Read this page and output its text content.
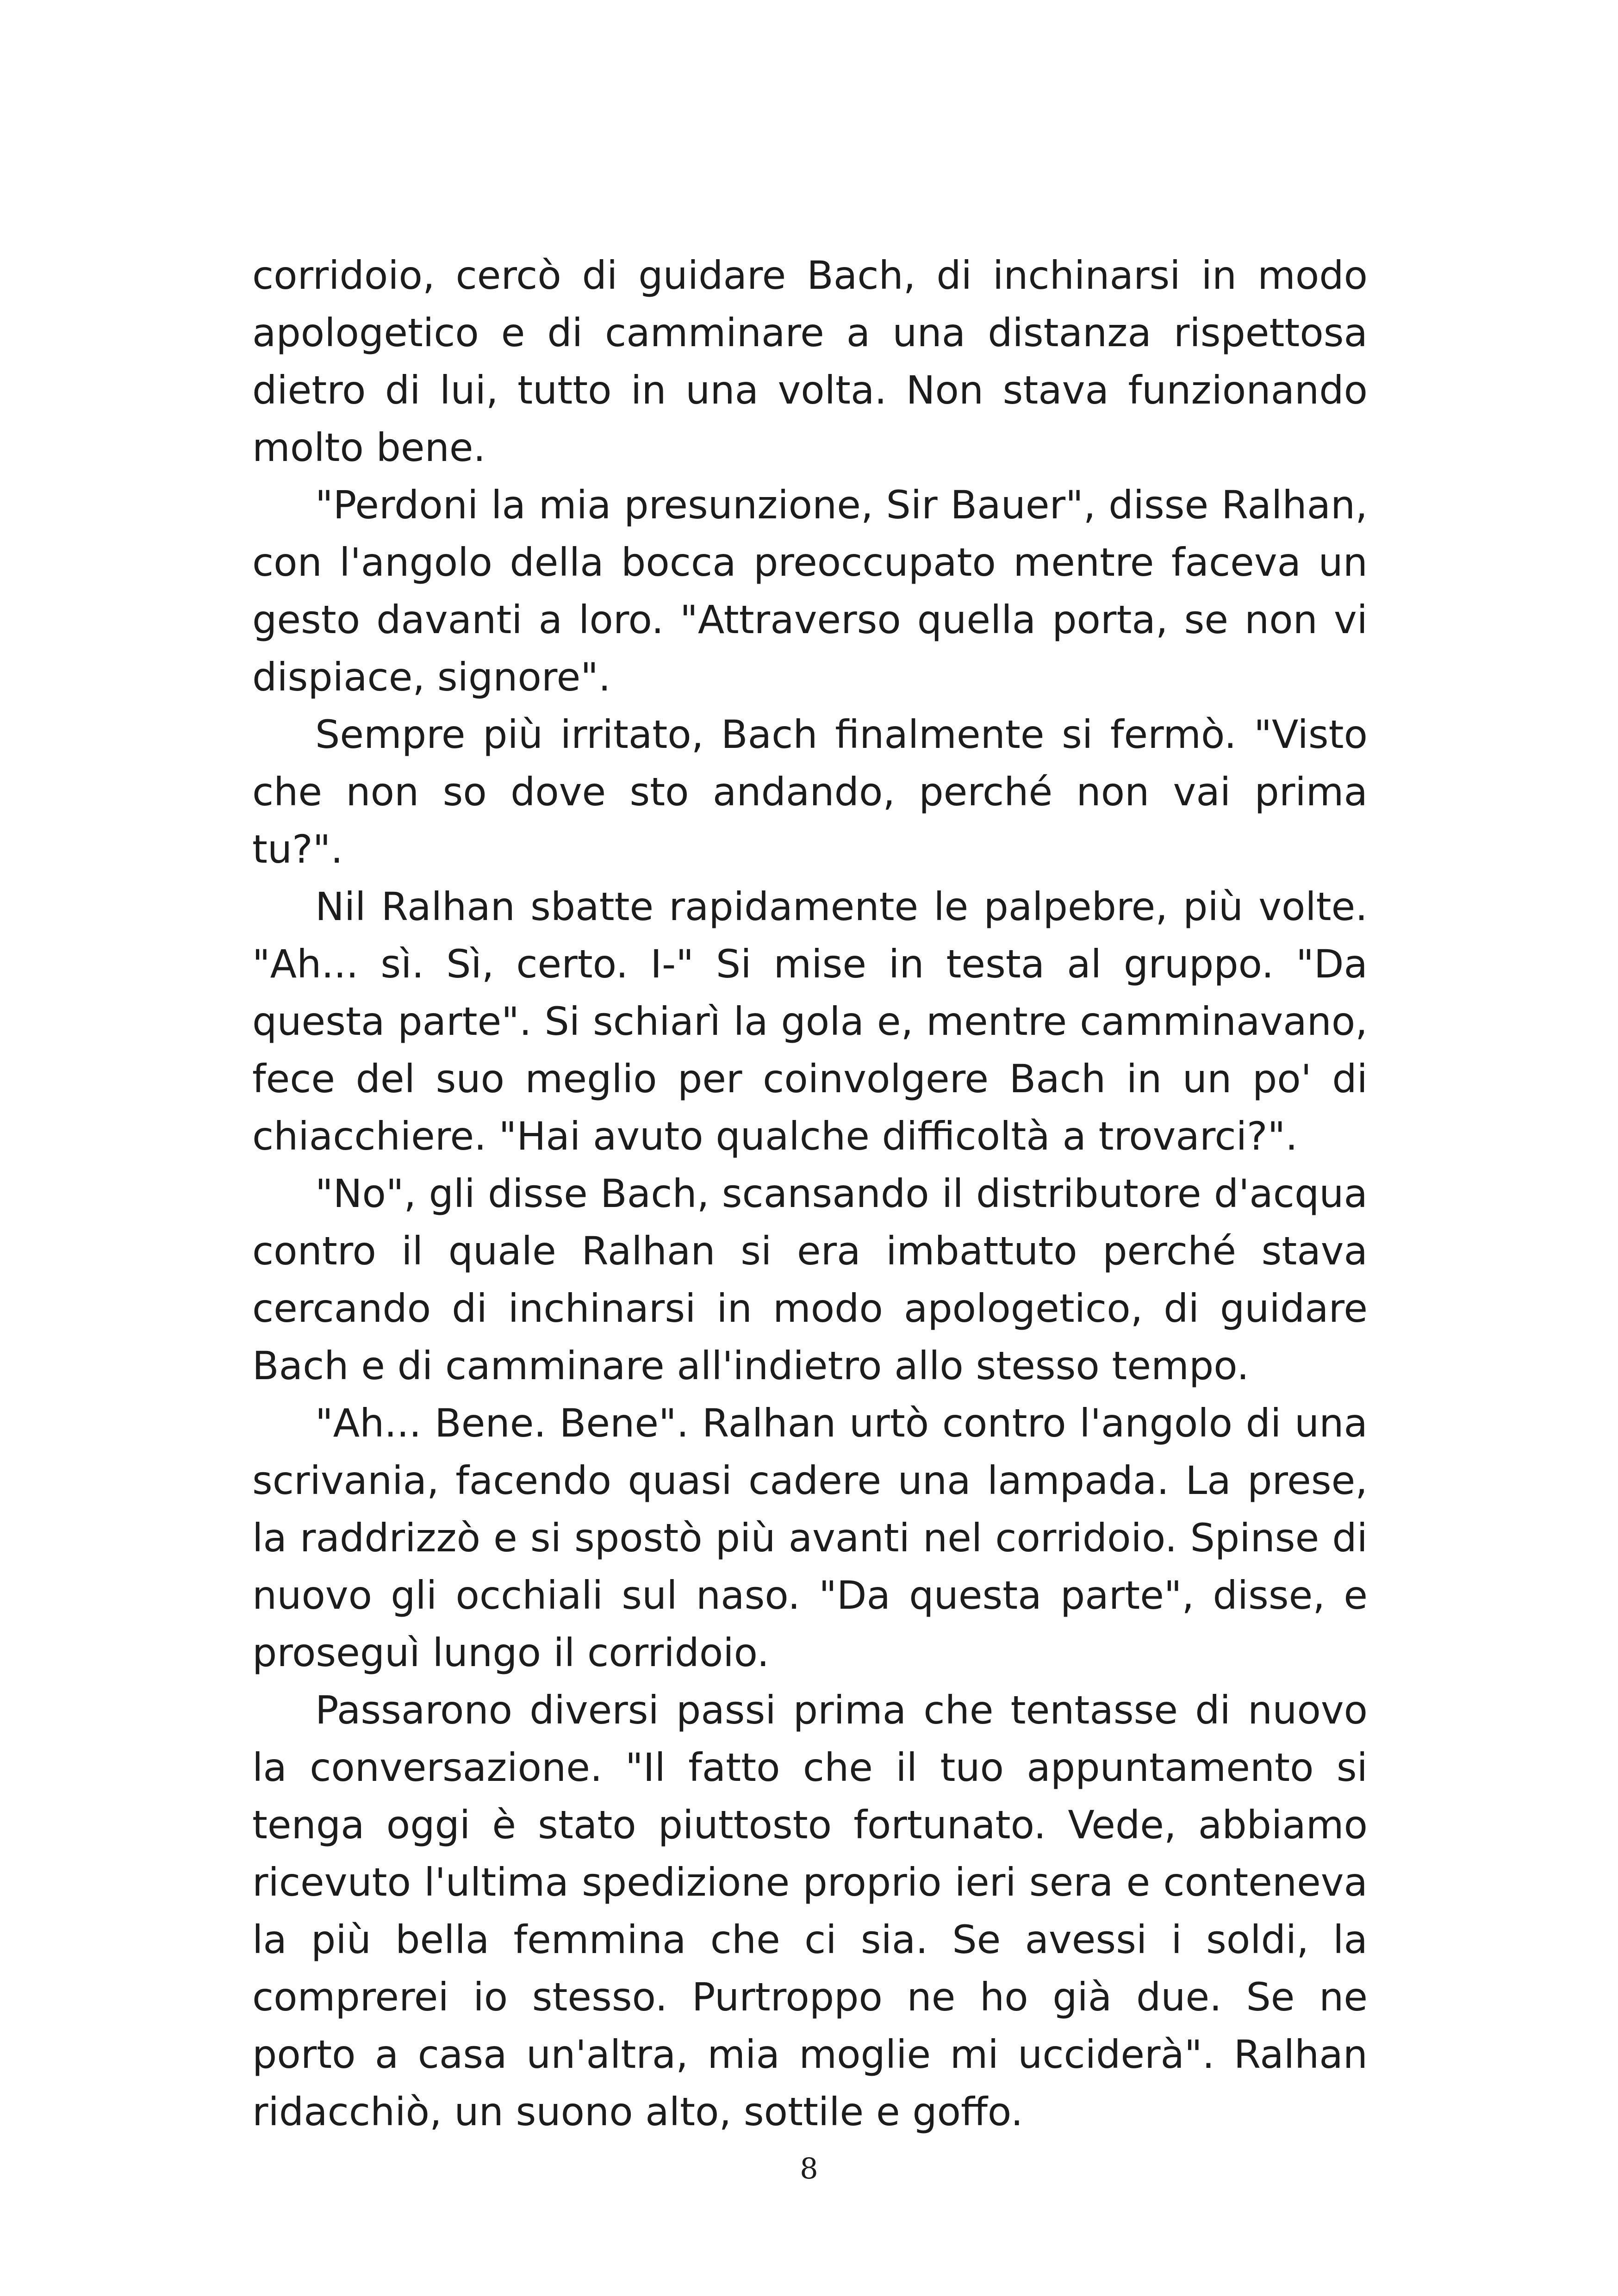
corridoio, cercò di guidare Bach, di inchinarsi in modo apologetico e di camminare a una distanza rispettosa dietro di lui, tutto in una volta. Non stava funzionando molto bene.

"Perdoni la mia presunzione, Sir Bauer", disse Ralhan, con l'angolo della bocca preoccupato mentre faceva un gesto davanti a loro. "Attraverso quella porta, se non vi dispiace, signore".

Sempre più irritato, Bach finalmente si fermò. "Visto che non so dove sto andando, perché non vai prima tu?".

Nil Ralhan sbatte rapidamente le palpebre, più volte. "Ah... sì. Sì, certo. I-" Si mise in testa al gruppo. "Da questa parte". Si schiarì la gola e, mentre camminavano, fece del suo meglio per coinvolgere Bach in un po' di chiacchiere. "Hai avuto qualche difficoltà a trovarci?".

"No", gli disse Bach, scansando il distributore d'acqua contro il quale Ralhan si era imbattuto perché stava cercando di inchinarsi in modo apologetico, di guidare Bach e di camminare all'indietro allo stesso tempo.

"Ah... Bene. Bene". Ralhan urtò contro l'angolo di una scrivania, facendo quasi cadere una lampada. La prese, la raddrizzò e si spostò più avanti nel corridoio. Spinse di nuovo gli occhiali sul naso. "Da questa parte", disse, e proseguì lungo il corridoio.

Passarono diversi passi prima che tentasse di nuovo la conversazione. "Il fatto che il tuo appuntamento si tenga oggi è stato piuttosto fortunato. Vede, abbiamo ricevuto l'ultima spedizione proprio ieri sera e conteneva la più bella femmina che ci sia. Se avessi i soldi, la comprerei io stesso. Purtroppo ne ho già due. Se ne porto a casa un'altra, mia moglie mi ucciderà". Ralhan ridacchiò, un suono alto, sottile e goffo.

8
